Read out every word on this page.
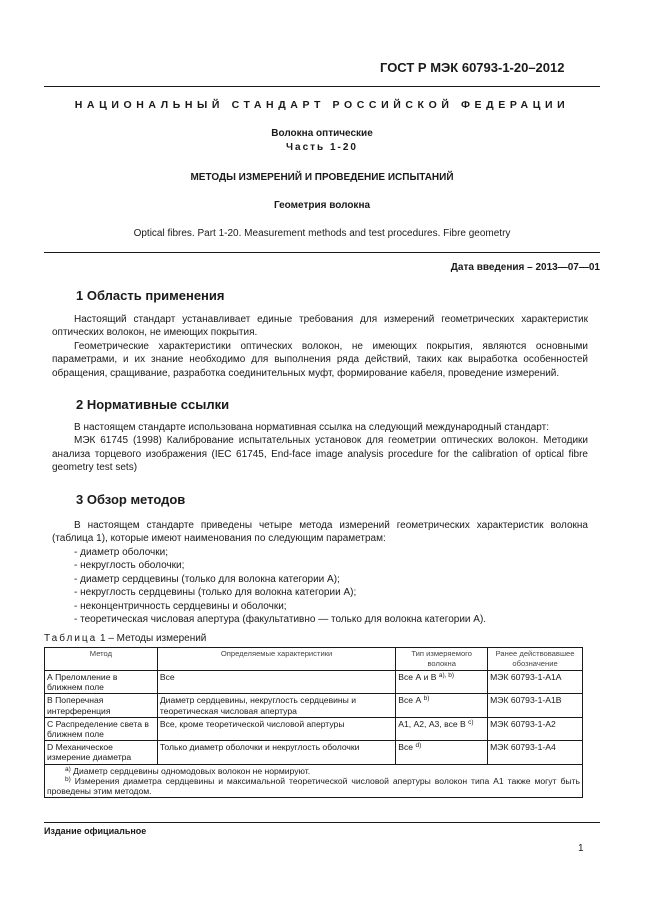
ГОСТ Р МЭК 60793-1-20–2012
НАЦИОНАЛЬНЫЙ СТАНДАРТ РОССИЙСКОЙ ФЕДЕРАЦИИ
Волокна оптические
Часть 1-20
МЕТОДЫ ИЗМЕРЕНИЙ И ПРОВЕДЕНИЕ ИСПЫТАНИЙ
Геометрия волокна
Optical fibres. Part 1-20. Measurement methods and test procedures. Fibre geometry
Дата введения – 2013—07—01
1 Область применения

Настоящий стандарт устанавливает единые требования для измерений геометрических характеристик оптических волокон, не имеющих покрытия.

Геометрические характеристики оптических волокон, не имеющих покрытия, являются основными параметрами, и их знание необходимо для выполнения ряда действий, таких как выработка особенностей обращения, сращивание, разработка соединительных муфт, формирование кабеля, проведение измерений.

2 Нормативные ссылки

В настоящем стандарте использована нормативная ссылка на следующий международный стандарт:

МЭК 61745 (1998) Калибрование испытательных установок для геометрии оптических волокон. Методики анализа торцевого изображения (IEC 61745, End-face image analysis procedure for the calibration of optical fibre geometry test sets)

3 Обзор методов

В настоящем стандарте приведены четыре метода измерений геометрических характеристик волокна (таблица 1), которые имеют наименования по следующим параметрам:

- диаметр оболочки;
- некруглость оболочки;
- диаметр сердцевины (только для волокна категории А);
- некруглость сердцевины (только для волокна категории А);
- неконцентричность сердцевины и оболочки;
- теоретическая числовая апертура (факультативно — только для волокна категории А).
Таблица 1 – Методы измерений
Метод	Определяемые характеристики	Тип измеряемого волокна	Ранее действовавшее обозначение
А Преломление в ближнем поле	Все	Все А и В $^{a), b)}$	МЭК 60793-1-A1A
В Поперечная интерференция	Диаметр сердцевины, некруглость сердцевины и теоретическая числовая апертура	Все А $^{b)}$	МЭК 60793-1-A1B
С Распределение света в ближнем поле	Все, кроме теоретической числовой апертуры	А1, А2, А3, все В $^{c)}$	МЭК 60793-1-A2
D Механическое измерение диаметра	Только диаметр оболочки и некруглость оболочки	Все $^{d)}$	МЭК 60793-1-A4

$^{a)}$ Диаметр сердцевины одномодовых волокон не нормируют.

$^{b)}$ Измерения диаметра сердцевины и максимальной теоретической числовой апертуры волокон типа А1 также могут быть проведены этим методом.			

Издание официальное
1
